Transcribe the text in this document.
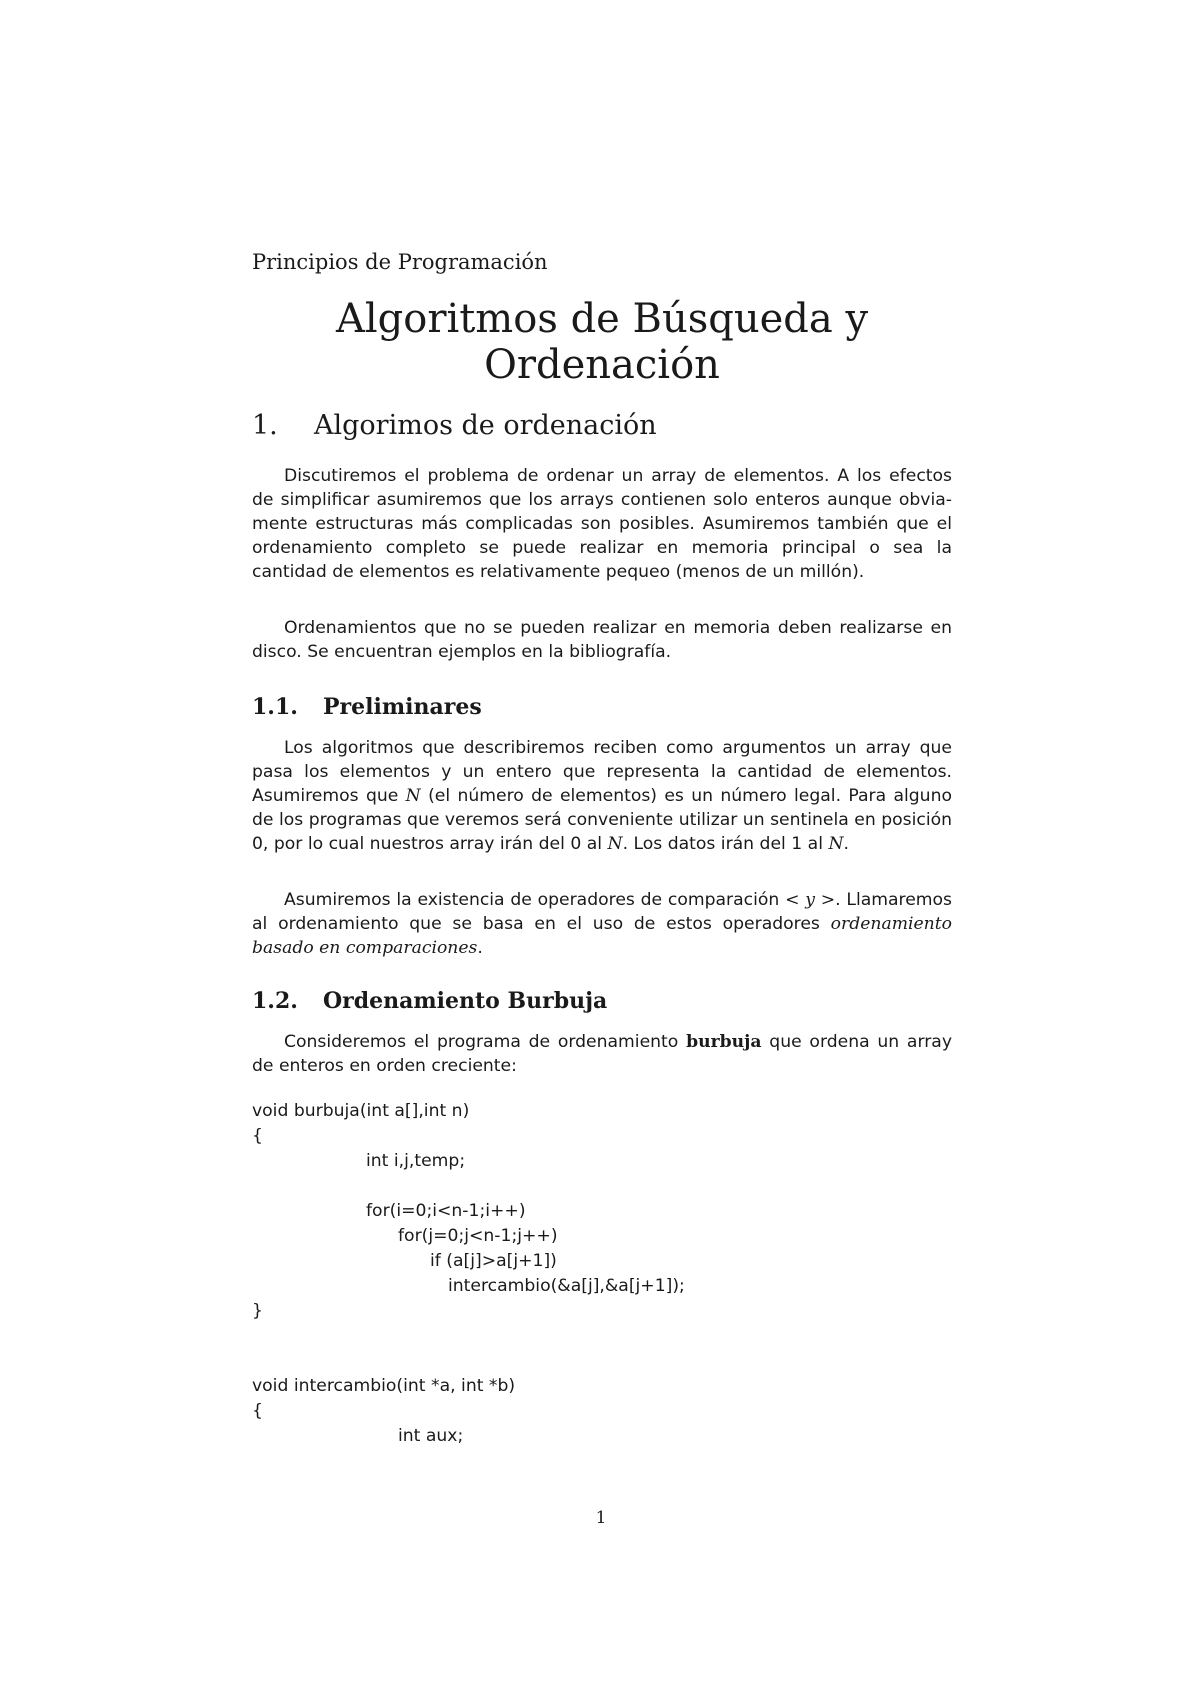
Principios de Programación
Algoritmos de Búsqueda y
Ordenación
1. Algorimos de ordenación

Discutiremos el problema de ordenar un array de elementos. A los efectos de simplificar asumiremos que los arrays contienen solo enteros aunque obviamente estructuras más complicadas son posibles. Asumiremos también que el ordenamiento completo se puede realizar en memoria principal o sea la cantidad de elementos es relativamente pequeo (menos de un millón).

Ordenamientos que no se pueden realizar en memoria deben realizarse en disco. Se encuentran ejemplos en la bibliografía.

1.1. Preliminares

Los algoritmos que describiremos reciben como argumentos un array que pasa los elementos y un entero que representa la cantidad de elementos. Asumiremos que N (el número de elementos) es un número legal. Para alguno de los programas que veremos será conveniente utilizar un sentinela en posición 0, por lo cual nuestros array irán del 0 al N. Los datos irán del 1 al N.

Asumiremos la existencia de operadores de comparación < y >. Llamaremos al ordenamiento que se basa en el uso de estos operadores ordenamiento basado en comparaciones.

1.2. Ordenamiento Burbuja

Consideremos el programa de ordenamiento burbuja que ordena un array de enteros en orden creciente:

void burbuja(int a[],int n)
{
int i,j,temp;
for(i=0;i<n-1;i++)
for(j=0;j<n-1;j++)
if (a[j]>a[j+1])
intercambio(&a[j],&a[j+1]);
}
void intercambio(int *a, int *b)
{
int aux;
1
